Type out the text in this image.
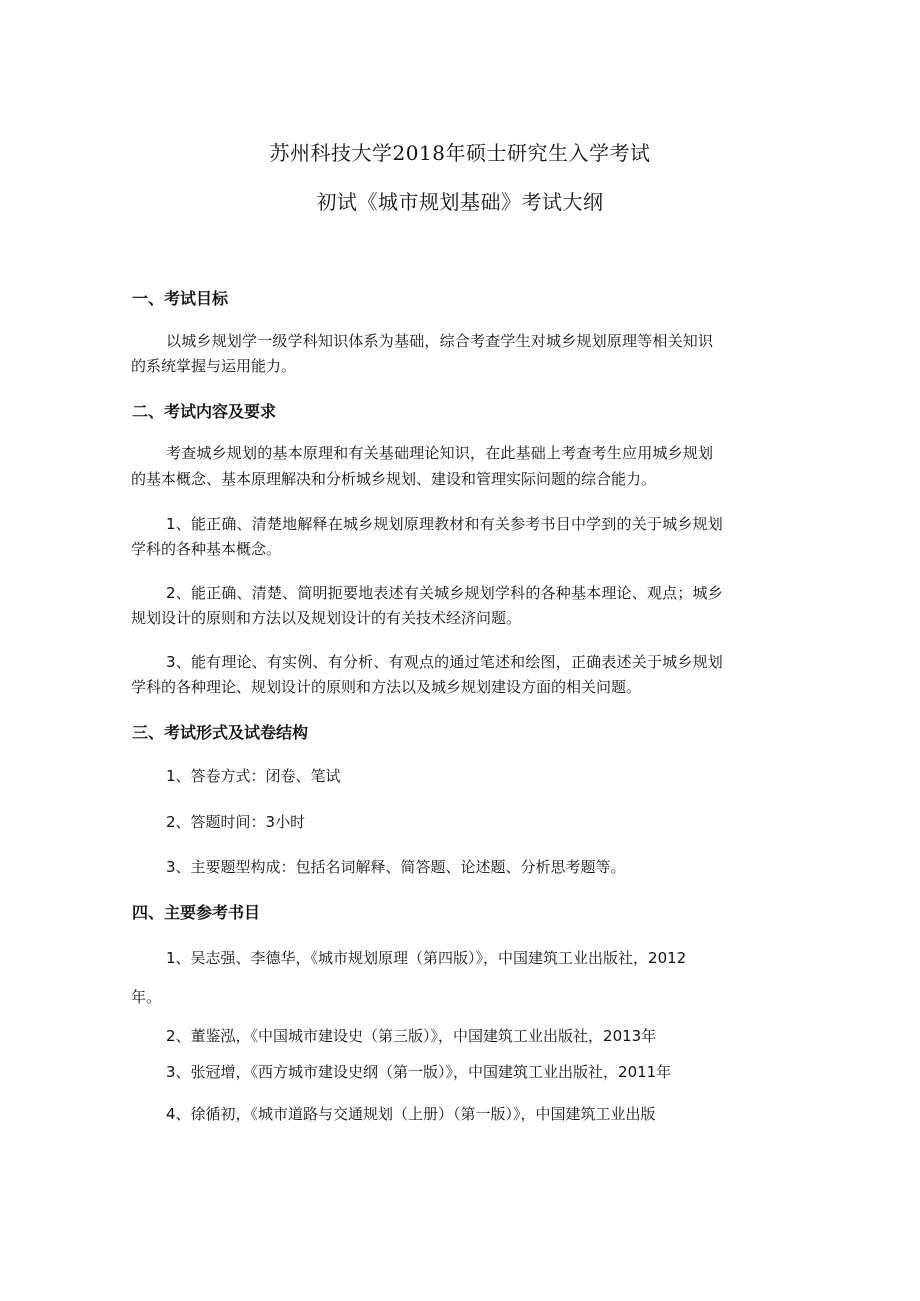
苏州科技大学2018年硕士研究生入学考试
初试《城市规划基础》考试大纲
一、考试目标
以城乡规划学一级学科知识体系为基础，综合考查学生对城乡规划原理等相关知识
的系统掌握与运用能力。
二、考试内容及要求
考查城乡规划的基本原理和有关基础理论知识，在此基础上考查考生应用城乡规划
的基本概念、基本原理解决和分析城乡规划、建设和管理实际问题的综合能力。
1、能正确、清楚地解释在城乡规划原理教材和有关参考书目中学到的关于城乡规划
学科的各种基本概念。
2、能正确、清楚、简明扼要地表述有关城乡规划学科的各种基本理论、观点；城乡
规划设计的原则和方法以及规划设计的有关技术经济问题。
3、能有理论、有实例、有分析、有观点的通过笔述和绘图，正确表述关于城乡规划
学科的各种理论、规划设计的原则和方法以及城乡规划建设方面的相关问题。
三、考试形式及试卷结构
1、答卷方式：闭卷、笔试
2、答题时间：3小时
3、主要题型构成：包括名词解释、简答题、论述题、分析思考题等。
四、主要参考书目
1、吴志强、李德华，《城市规划原理（第四版）》，中国建筑工业出版社，2012
年。
2、董鉴泓，《中国城市建设史（第三版）》，中国建筑工业出版社，2013年
3、张冠增，《西方城市建设史纲（第一版）》，中国建筑工业出版社，2011年
4、徐循初，《城市道路与交通规划（上册）（第一版）》，中国建筑工业出版
